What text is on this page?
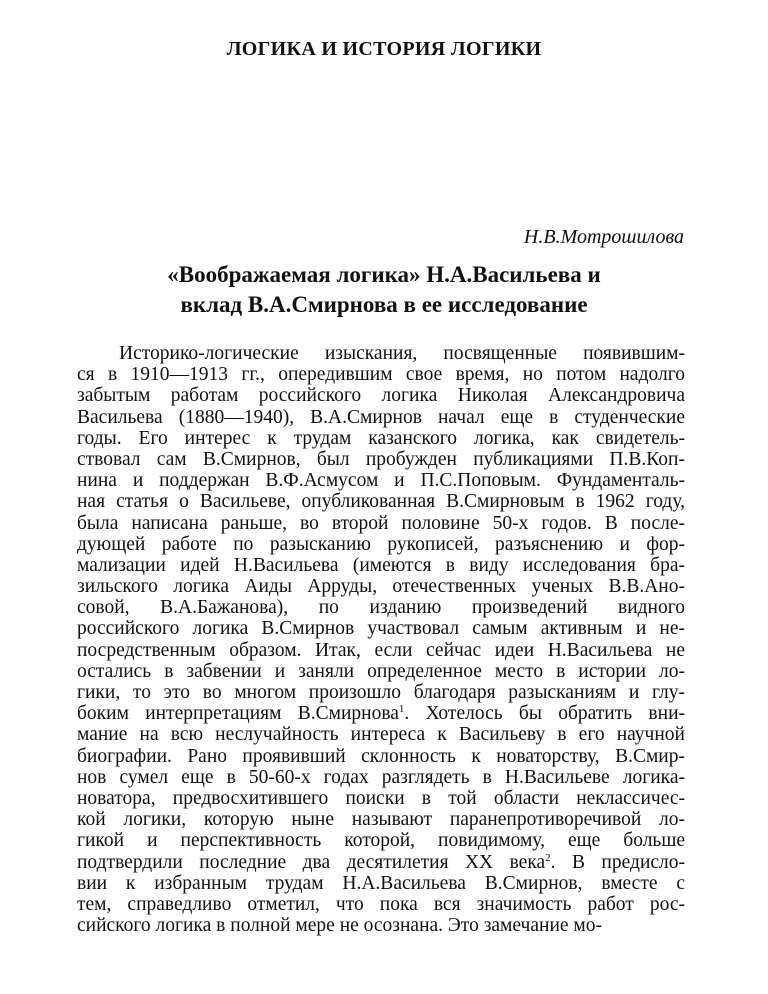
ЛОГИКА И ИСТОРИЯ ЛОГИКИ
Н.В.Мотрошилова
«Воображаемая логика» Н.А.Васильева и
вклад В.А.Смирнова в ее исследование
Историко-логические изыскания, посвященные появившим-
ся в 1910—1913 гг., опередившим свое время, но потом надолго
забытым работам российского логика Николая Александровича
Васильева (1880—1940), В.А.Смирнов начал еще в студенческие
годы. Его интерес к трудам казанского логика, как свидетель-
ствовал сам В.Смирнов, был пробужден публикациями П.В.Коп-
нина и поддержан В.Ф.Асмусом и П.С.Поповым. Фундаменталь-
ная статья о Васильеве, опубликованная В.Смирновым в 1962 году,
была написана раньше, во второй половине 50-х годов. В после-
дующей работе по разысканию рукописей, разъяснению и фор-
мализации идей Н.Васильева (имеются в виду исследования бра-
зильского логика Аиды Арруды, отечественных ученых В.В.Ано-
совой, В.А.Бажанова), по изданию произведений видного
российского логика В.Смирнов участвовал самым активным и не-
посредственным образом. Итак, если сейчас идеи Н.Васильева не
остались в забвении и заняли определенное место в истории ло-
гики, то это во многом произошло благодаря разысканиям и глу-
боким интерпретациям В.Смирнова$^1$. Хотелось бы обратить вни-
мание на всю неслучайность интереса к Васильеву в его научной
биографии. Рано проявивший склонность к новаторству, В.Смир-
нов сумел еще в 50-60-х годах разглядеть в Н.Васильеве логика-
новатора, предвосхитившего поиски в той области неклассичес-
кой логики, которую ныне называют паранепротиворечивой ло-
гикой и перспективность которой, повидимому, еще больше
подтвердили последние два десятилетия XX века$^2$. В предисло-
вии к избранным трудам Н.А.Васильева В.Смирнов, вместе с
тем, справедливо отметил, что пока вся значимость работ рос-
сийского логика в полной мере не осознана. Это замечание мо-
